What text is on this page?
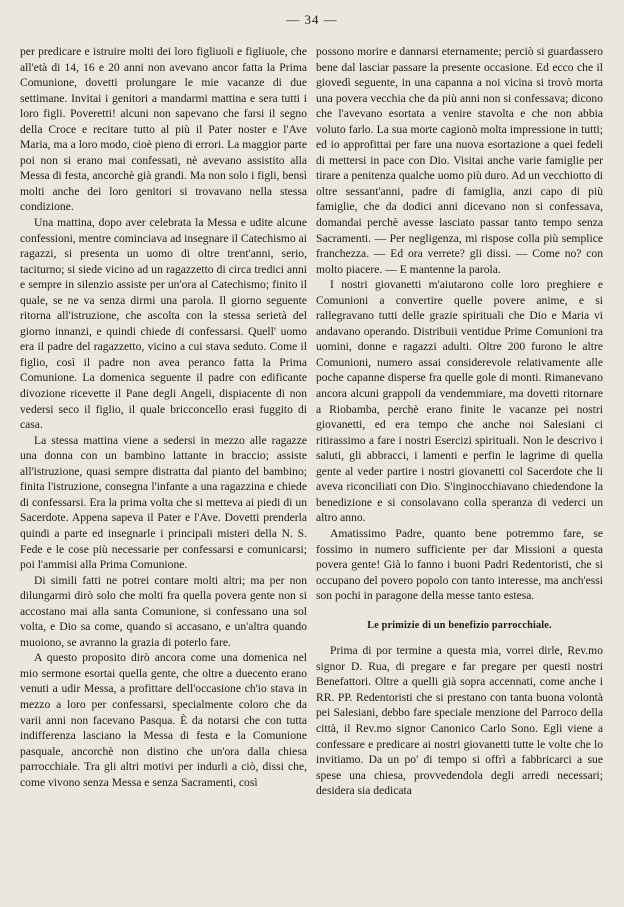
— 34 —

per predicare e istruire molti dei loro figliuoli e figliuole, che all'età di 14, 16 e 20 anni non avevano ancor fatta la Prima Comunione, dovetti prolungare le mie vacanze di due settimane. Invitai i genitori a mandarmi mattina e sera tutti i loro figli. Poveretti! alcuni non sapevano che farsi il segno della Croce e recitare tutto al più il Pater noster e l'Ave Maria, ma a loro modo, cioè pieno di errori. La maggior parte poi non si erano mai confessati, nè avevano assistito alla Messa di festa, ancorchè già grandi. Ma non solo i figli, bensì molti anche dei loro genitori si trovavano nella stessa condizione.

Una mattina, dopo aver celebrata la Messa e udite alcune confessioni, mentre cominciava ad insegnare il Catechismo ai ragazzi, si presenta un uomo di oltre trent'anni, serio, taciturno; si siede vicino ad un ragazzetto di circa tredici anni e sempre in silenzio assiste per un'ora al Catechismo; finito il quale, se ne va senza dirmi una parola. Il giorno seguente ritorna all'istruzione, che ascolta con la stessa serietà del giorno innanzi, e quindi chiede di confessarsi. Quell' uomo era il padre del ragazzetto, vicino a cui stava seduto. Come il figlio, così il padre non avea peranco fatta la Prima Comunione. La domenica seguente il padre con edificante divozione ricevette il Pane degli Angeli, dispiacente di non vedersi seco il figlio, il quale bricconcello erasi fuggito di casa.

La stessa mattina viene a sedersi in mezzo alle ragazze una donna con un bambino lattante in braccio; assiste all'istruzione, quasi sempre distratta dal pianto del bambino; finita l'istruzione, consegna l'infante a una ragazzina e chiede di confessarsi. Era la prima volta che si metteva ai piedi di un Sacerdote. Appena sapeva il Pater e l'Ave. Dovetti prenderla quindi a parte ed insegnarle i principali misteri della N. S. Fede e le cose più necessarie per confessarsi e comunicarsi; poi l'ammisi alla Prima Comunione.

Di simili fatti ne potrei contare molti altri; ma per non dilungarmi dirò solo che molti fra quella povera gente non si accostano mai alla santa Comunione, si confessano una sol volta, e Dio sa come, quando si accasano, e un'altra quando muoiono, se avranno la grazia di poterlo fare.

A questo proposito dirò ancora come una domenica nel mio sermone esortai quella gente, che oltre a duecento erano venuti a udir Messa, a profittare dell'occasione ch'io stava in mezzo a loro per confessarsi, specialmente coloro che da varii anni non facevano Pasqua. È da notarsi che con tutta indifferenza lasciano la Messa di festa e la Comunione pasquale, ancorchè non distino che un'ora dalla chiesa parrocchiale. Tra gli altri motivi per indurli a ciò, dissi che, come vivono senza Messa e senza Sacramenti, così

possono morire e dannarsi eternamente; perciò si guardassero bene dal lasciar passare la presente occasione. Ed ecco che il giovedì seguente, in una capanna a noi vicina si trovò morta una povera vecchia che da più anni non si confessava; dicono che l'avevano esortata a venire stavolta e che non abbia voluto farlo. La sua morte cagionò molta impressione in tutti; ed io approfittai per fare una nuova esortazione a quei fedeli di mettersi in pace con Dio. Visitai anche varie famiglie per tirare a penitenza qualche uomo più duro. Ad un vecchiotto di oltre sessant'anni, padre di famiglia, anzi capo di più famiglie, che da dodici anni dicevano non si confessava, domandai perchè avesse lasciato passar tanto tempo senza Sacramenti. — Per negligenza, mi rispose colla più semplice franchezza. — Ed ora verrete? gli dissi. — Come no? con molto piacere. — E mantenne la parola.

I nostri giovanetti m'aiutarono colle loro preghiere e Comunioni a convertire quelle povere anime, e si rallegravano tutti delle grazie spirituali che Dio e Maria vi andavano operando. Distribuii ventidue Prime Comunioni tra uomini, donne e ragazzi adulti. Oltre 200 furono le altre Comunioni, numero assai considerevole relativamente alle poche capanne disperse fra quelle gole di monti. Rimanevano ancora alcuni grappoli da vendemmiare, ma dovetti ritornare a Riobamba, perchè erano finite le vacanze pei nostri giovanetti, ed era tempo che anche noi Salesiani ci ritirassimo a fare i nostri Esercizi spirituali. Non le descrivo i saluti, gli abbracci, i lamenti e perfin le lagrime di quella gente al veder partire i nostri giovanetti col Sacerdote che li aveva riconciliati con Dio. S'inginocchiavano chiedendone la benedizione e si consolavano colla speranza di vederci un altro anno.

Amatissimo Padre, quanto bene potremmo fare, se fossimo in numero sufficiente per dar Missioni a questa povera gente! Già lo fanno i buoni Padri Redentoristi, che si occupano del povero popolo con tanto interesse, ma anch'essi son pochi in paragone della messe tanto estesa.

Le primizie di un benefizio parrocchiale.

Prima di por termine a questa mia, vorrei dirle, Rev.mo signor D. Rua, di pregare e far pregare per questi nostri Benefattori. Oltre a quelli già sopra accennati, come anche i RR. PP. Redentoristi che si prestano con tanta buona volontà pei Salesiani, debbo fare speciale menzione del Parroco della città, il Rev.mo signor Canonico Carlo Sono. Egli viene a confessare e predicare ai nostri giovanetti tutte le volte che lo invitiamo. Da un po' di tempo si offrì a fabbricarci a sue spese una chiesa, provvedendola degli arredi necessari; desidera sia dedicata
